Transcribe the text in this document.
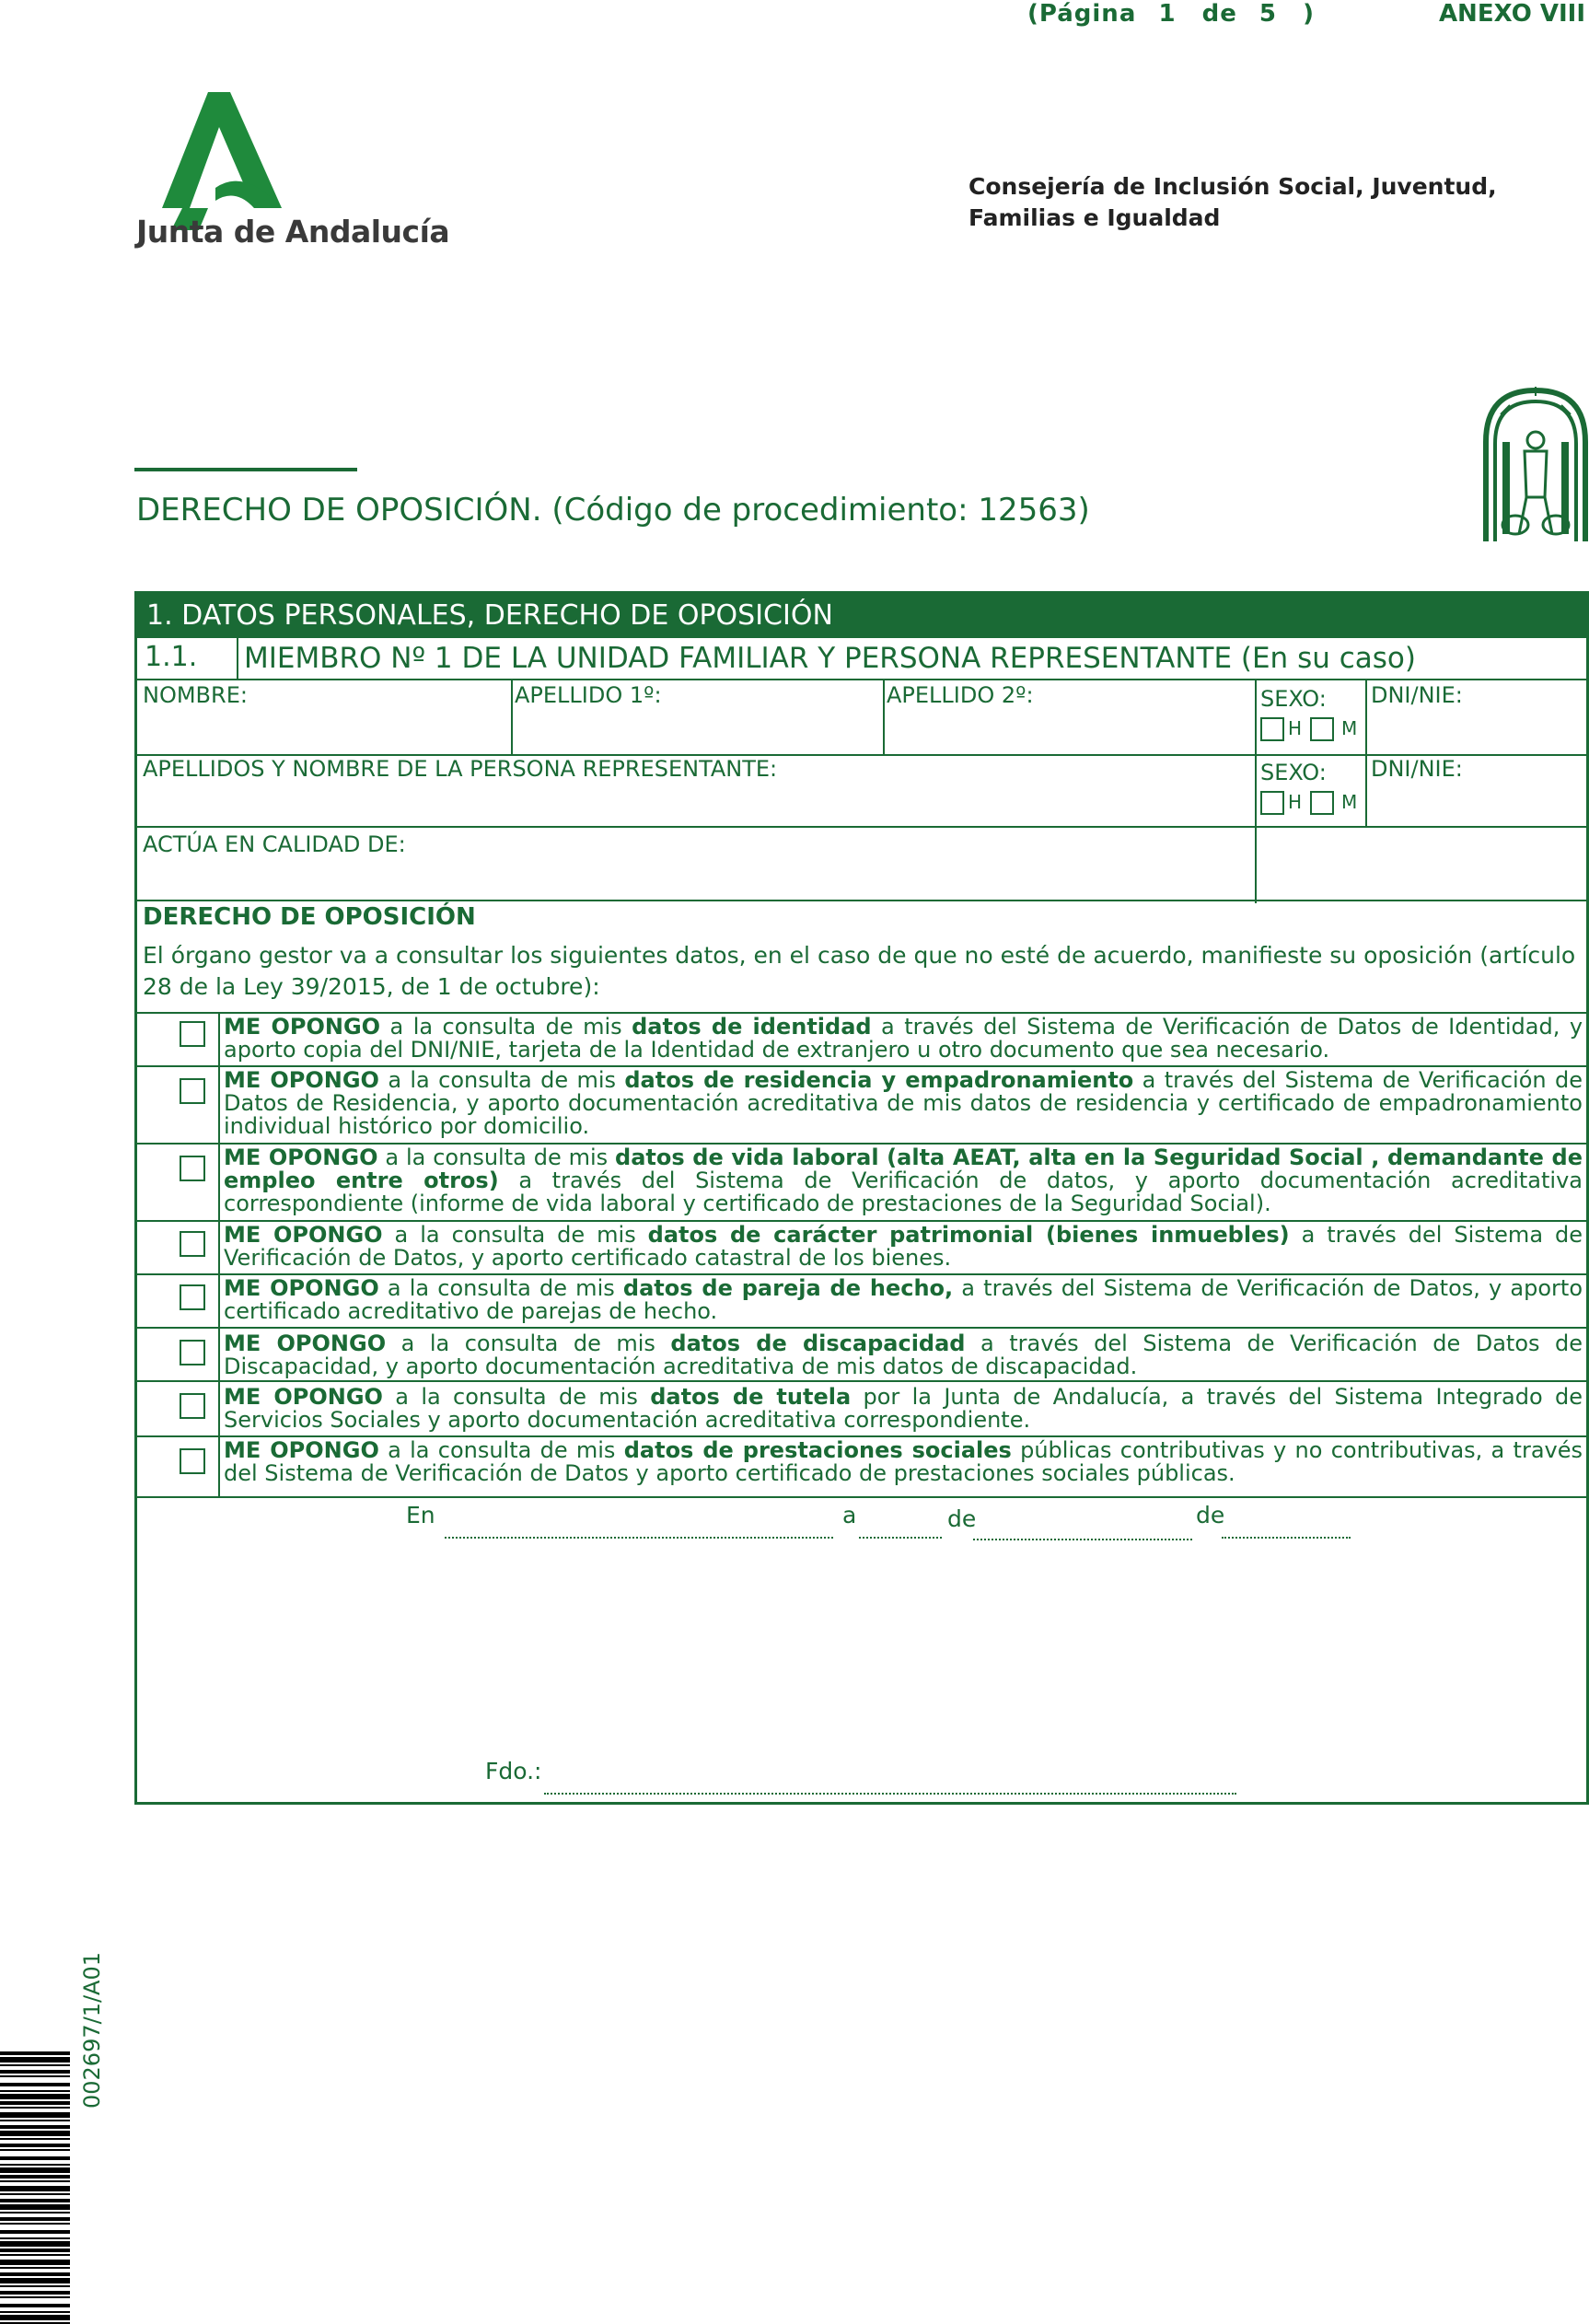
(Página 1 de 5 )	ANEXO VIII
Junta de Andalucía
Consejería de Inclusión Social, Juventud,
Familias e Igualdad
DERECHO DE OPOSICIÓN. (Código de procedimiento: 12563)
1. DATOS PERSONALES, DERECHO DE OPOSICIÓN
1.1. MIEMBRO Nº 1 DE LA UNIDAD FAMILIAR Y PERSONA REPRESENTANTE (En su caso)
NOMBRE:	APELLIDO 1º:	APELLIDO 2º:	SEXO:
H M
DNI/NIE:
APELLIDOS Y NOMBRE DE LA PERSONA REPRESENTANTE:	SEXO:
H M
DNI/NIE:
ACTÚA EN CALIDAD DE:
DERECHO DE OPOSICIÓN
El órgano gestor va a consultar los siguientes datos, en el caso de que no esté de acuerdo, manifieste su oposición (artículo 28 de la Ley 39/2015, de 1 de octubre):
ME OPONGO a la consulta de mis datos de identidad a través del Sistema de Verificación de Datos de Identidad, y aporto copia del DNI/NIE, tarjeta de la Identidad de extranjero u otro documento que sea necesario.
ME OPONGO a la consulta de mis datos de residencia y empadronamiento a través del Sistema de Verificación de Datos de Residencia, y aporto documentación acreditativa de mis datos de residencia y certificado de empadronamiento individual histórico por domicilio.
ME OPONGO a la consulta de mis datos de vida laboral (alta AEAT, alta en la Seguridad Social , demandante de empleo entre otros) a través del Sistema de Verificación de datos, y aporto documentación acreditativa correspondiente (informe de vida laboral y certificado de prestaciones de la Seguridad Social).
ME OPONGO a la consulta de mis datos de carácter patrimonial (bienes inmuebles) a través del Sistema de Verificación de Datos, y aporto certificado catastral de los bienes.
ME OPONGO a la consulta de mis datos de pareja de hecho, a través del Sistema de Verificación de Datos, y aporto certificado acreditativo de parejas de hecho.
ME OPONGO a la consulta de mis datos de discapacidad a través del Sistema de Verificación de Datos de Discapacidad, y aporto documentación acreditativa de mis datos de discapacidad.
ME OPONGO a la consulta de mis datos de tutela por la Junta de Andalucía, a través del Sistema Integrado de Servicios Sociales y aporto documentación acreditativa correspondiente.
ME OPONGO a la consulta de mis datos de prestaciones sociales públicas contributivas y no contributivas, a través del Sistema de Verificación de Datos y aporto certificado de prestaciones sociales públicas.
En	a	de	de
Fdo.:
002697/1/A01
